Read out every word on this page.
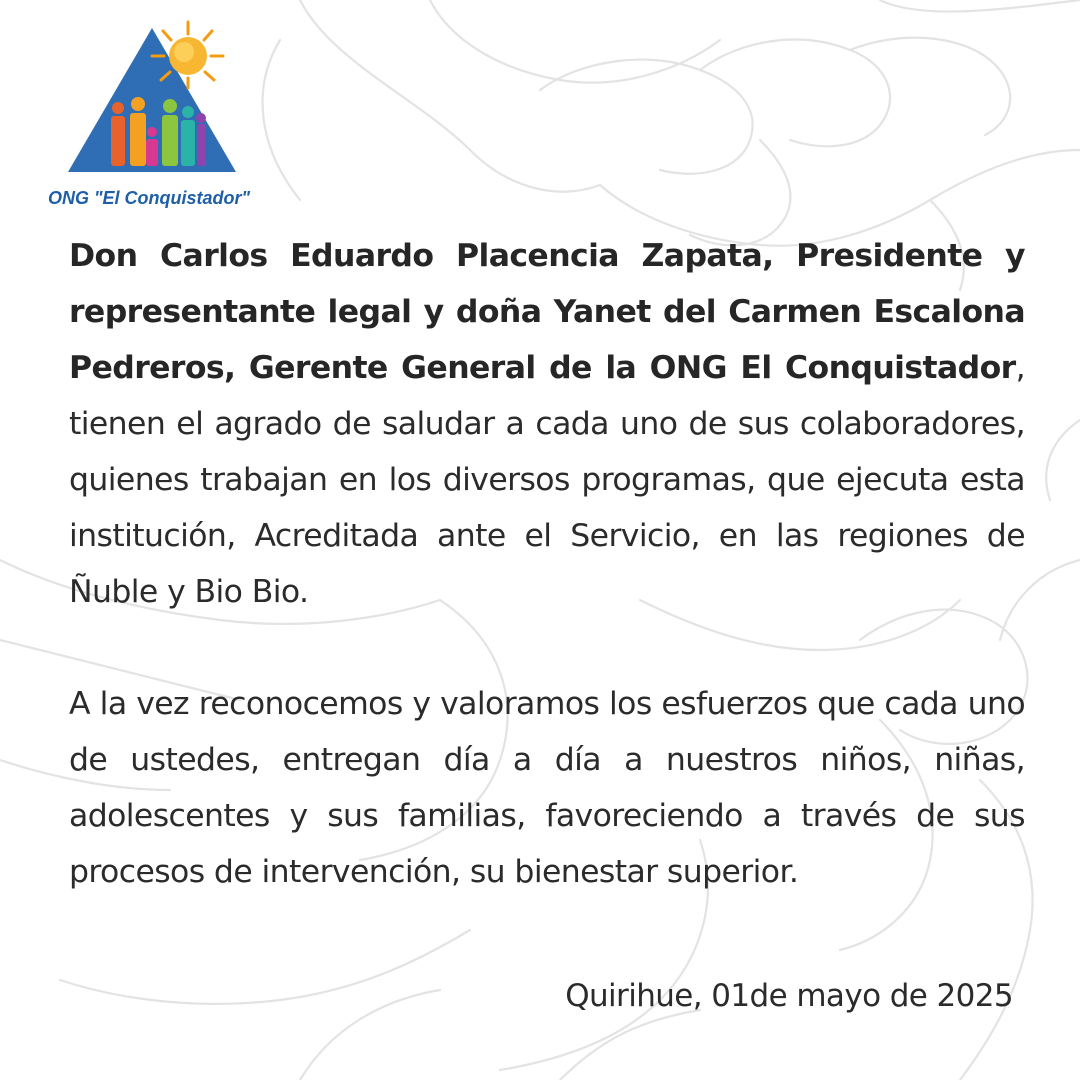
ONG "El Conquistador"

Don Carlos Eduardo Placencia Zapata, Presidente y representante legal y doña Yanet del Carmen Escalona Pedreros, Gerente General de la ONG El Conquistador, tienen el agrado de saludar a cada uno de sus colaboradores, quienes trabajan en los diversos programas, que ejecuta esta institución, Acreditada ante el Servicio, en las regiones de Ñuble y Bio Bio.

A la vez reconocemos y valoramos los esfuerzos que cada uno de ustedes, entregan día a día a nuestros niños, niñas, adolescentes y sus familias, favoreciendo a través de sus procesos de intervención, su bienestar superior.

Quirihue, 01de mayo de 2025
